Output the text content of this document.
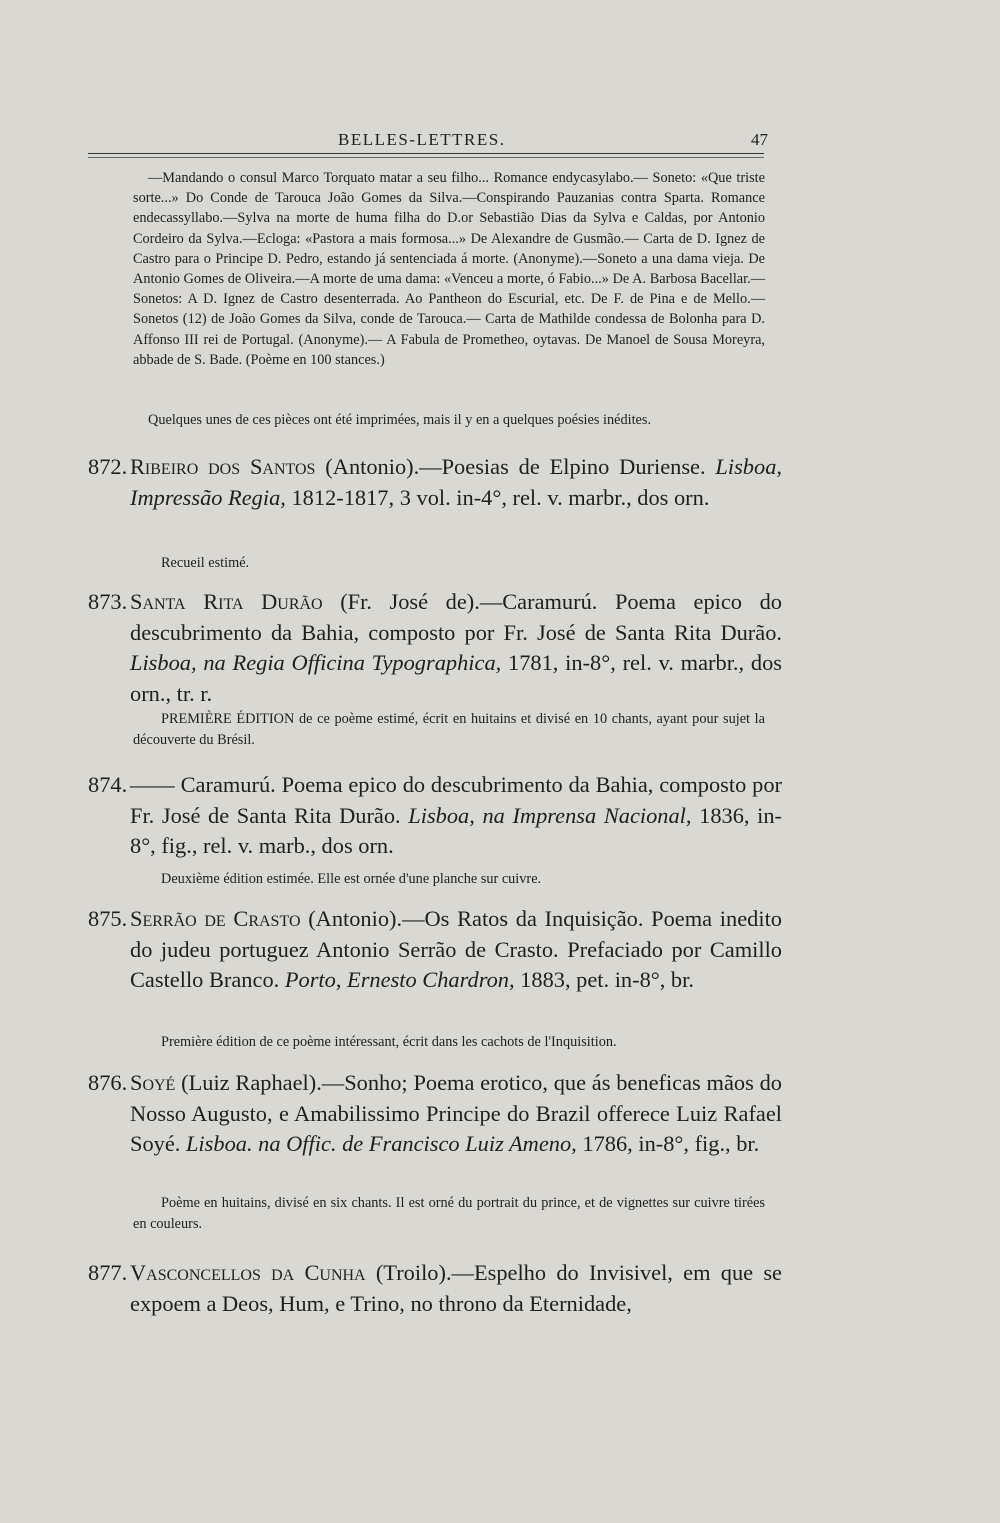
BELLES-LETTRES.	47
—Mandando o consul Marco Torquato matar a seu filho... Romance endycasylabo.— Soneto: «Que triste sorte...» Do Conde de Tarouca João Gomes da Silva.—Conspirando Pauzanias contra Sparta. Romance endecassyllabo.—Sylva na morte de huma filha do D.or Sebastião Dias da Sylva e Caldas, por Antonio Cordeiro da Sylva.—Ecloga: «Pastora a mais formosa...» De Alexandre de Gusmão.— Carta de D. Ignez de Castro para o Principe D. Pedro, estando já sentenciada á morte. (Anonyme).—Soneto a una dama vieja. De Antonio Gomes de Oliveira.—A morte de uma dama: «Venceu a morte, ó Fabio...» De A. Barbosa Bacellar.—Sonetos: A D. Ignez de Castro desenterrada. Ao Pantheon do Escurial, etc. De F. de Pina e de Mello.—Sonetos (12) de João Gomes da Silva, conde de Tarouca.— Carta de Mathilde condessa de Bolonha para D. Affonso III rei de Portugal. (Anonyme).— A Fabula de Prometheo, oytavas. De Manoel de Sousa Moreyra, abbade de S. Bade. (Poème en 100 stances.)
Quelques unes de ces pièces ont été imprimées, mais il y en a quelques poésies inédites.
872. Ribeiro dos Santos (Antonio).—Poesias de Elpino Duriense. Lisboa, Impressão Regia, 1812-1817, 3 vol. in-4°, rel. v. marbr., dos orn.
Recueil estimé.
873. Santa Rita Durão (Fr. José de).—Caramurú. Poema epico do descubrimento da Bahia, composto por Fr. José de Santa Rita Durão. Lisboa, na Regia Officina Typographica, 1781, in-8°, rel. v. marbr., dos orn., tr. r.
PREMIÈRE ÉDITION de ce poème estimé, écrit en huitains et divisé en 10 chants, ayant pour sujet la découverte du Brésil.
874. —— Caramurú. Poema epico do descubrimento da Bahia, composto por Fr. José de Santa Rita Durão. Lisboa, na Imprensa Nacional, 1836, in-8°, fig., rel. v. marb., dos orn.
Deuxième édition estimée. Elle est ornée d'une planche sur cuivre.
875. Serrão de Crasto (Antonio).—Os Ratos da Inquisição. Poema inedito do judeu portuguez Antonio Serrão de Crasto. Prefaciado por Camillo Castello Branco. Porto, Ernesto Chardron, 1883, pet. in-8°, br.
Première édition de ce poème intéressant, écrit dans les cachots de l'Inquisition.
876. Soyé (Luiz Raphael).—Sonho; Poema erotico, que ás beneficas mãos do Nosso Augusto, e Amabilissimo Principe do Brazil offerece Luiz Rafael Soyé. Lisboa. na Offic. de Francisco Luiz Ameno, 1786, in-8°, fig., br.
Poème en huitains, divisé en six chants. Il est orné du portrait du prince, et de vignettes sur cuivre tirées en couleurs.
877. Vasconcellos da Cunha (Troilo).—Espelho do Invisivel, em que se expoem a Deos, Hum, e Trino, no throno da Eternidade,
